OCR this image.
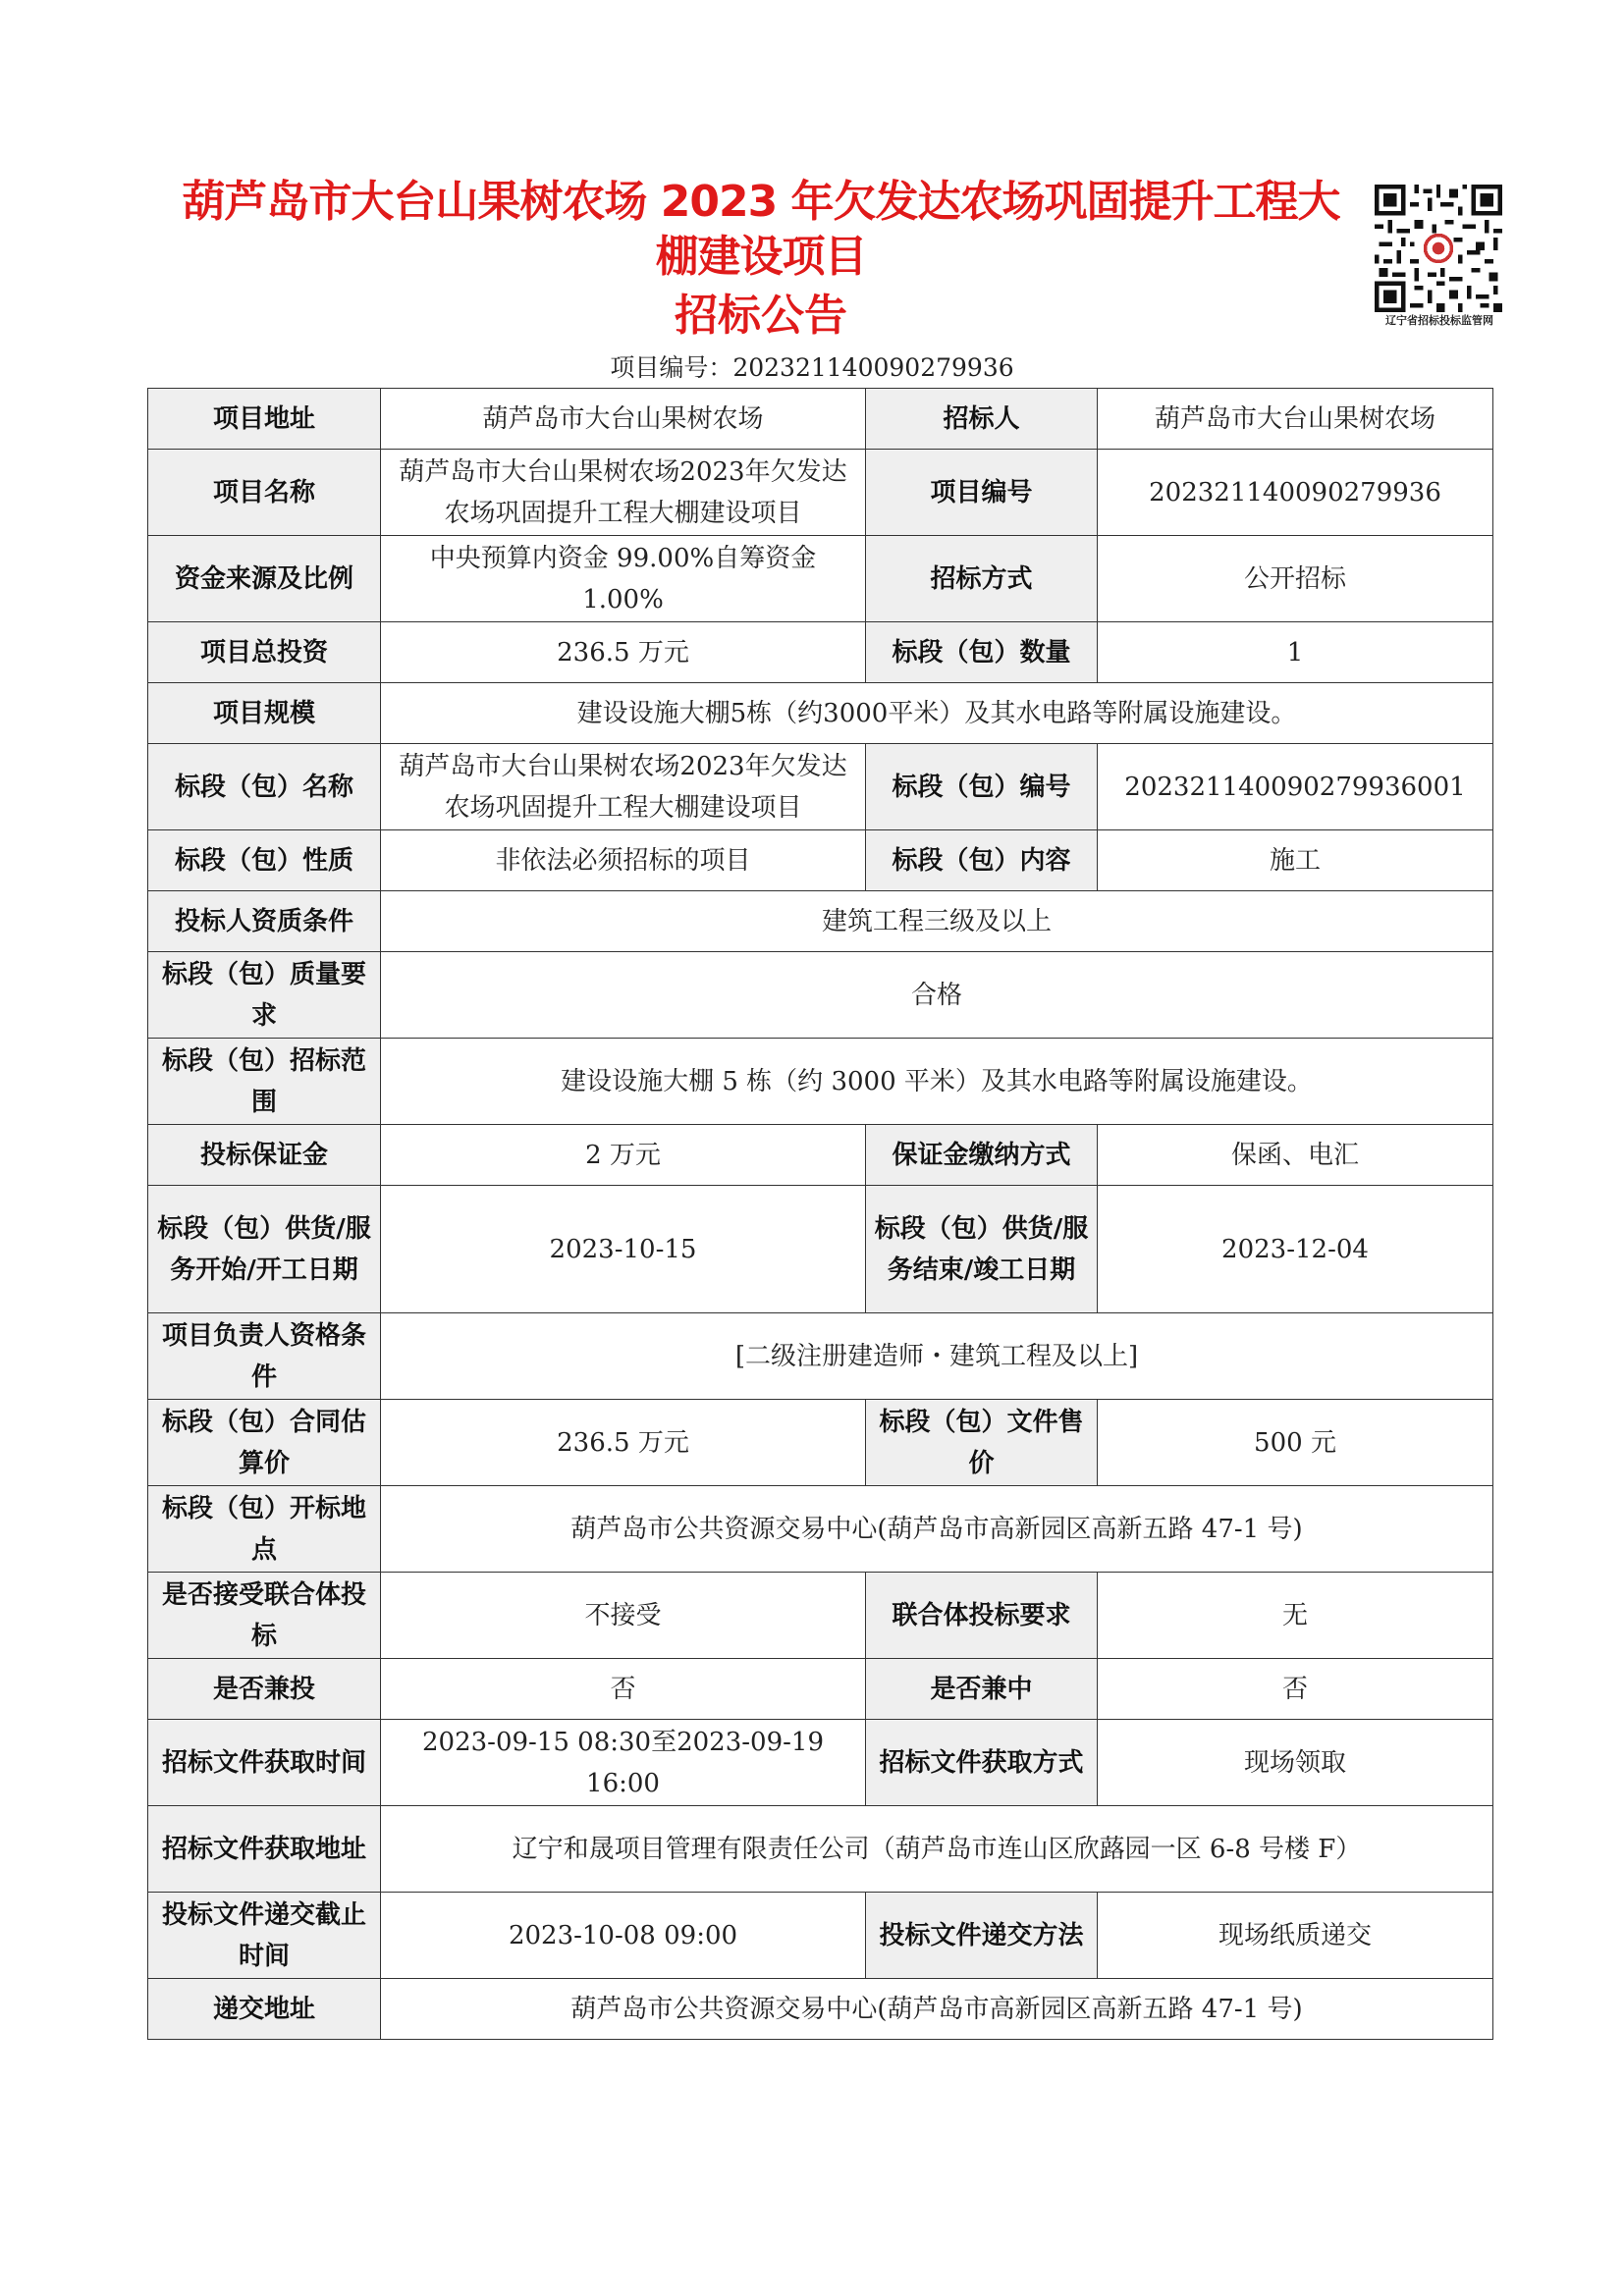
葫芦岛市大台山果树农场 2023 年欠发达农场巩固提升工程大
棚建设项目
招标公告	辽宁省招标投标监管网
项目编号：202321140090279936
项目地址	葫芦岛市大台山果树农场	招标人	葫芦岛市大台山果树农场
项目名称	葫芦岛市大台山果树农场2023年欠发达农场巩固提升工程大棚建设项目	项目编号	202321140090279936
资金来源及比例	中央预算内资金 99.00%自筹资金 1.00%	招标方式	公开招标
项目总投资	236.5 万元	标段（包）数量	1
项目规模	建设设施大棚5栋（约3000平米）及其水电路等附属设施建设。		
标段（包）名称	葫芦岛市大台山果树农场2023年欠发达农场巩固提升工程大棚建设项目	标段（包）编号	202321140090279936001
标段（包）性质	非依法必须招标的项目	标段（包）内容	施工
投标人资质条件	建筑工程三级及以上		
标段（包）质量要求	合格		
标段（包）招标范围	建设设施大棚 5 栋（约 3000 平米）及其水电路等附属设施建设。		
投标保证金	2 万元	保证金缴纳方式	保函、电汇
标段（包）供货/服务开始/开工日期	2023-10-15	标段（包）供货/服务结束/竣工日期	2023-12-04
项目负责人资格条件	[二级注册建造师・建筑工程及以上]		
标段（包）合同估算价	236.5 万元	标段（包）文件售价	500 元
标段（包）开标地点	葫芦岛市公共资源交易中心(葫芦岛市高新园区高新五路 47-1 号)		
是否接受联合体投标	不接受	联合体投标要求	无
是否兼投	否	是否兼中	否
招标文件获取时间	2023-09-15 08:30至2023-09-19 16:00	招标文件获取方式	现场领取
招标文件获取地址	辽宁和晟项目管理有限责任公司（葫芦岛市连山区欣蕗园一区 6-8 号楼 F）		
投标文件递交截止时间	2023-10-08 09:00	投标文件递交方法	现场纸质递交
递交地址	葫芦岛市公共资源交易中心(葫芦岛市高新园区高新五路 47-1 号)		
